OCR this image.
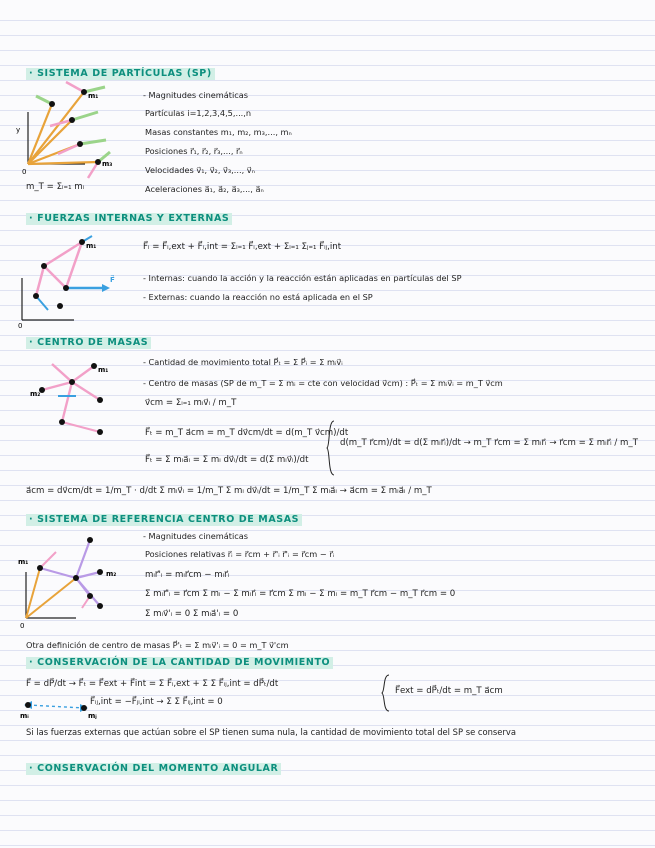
· SISTEMA DE PARTÍCULAS (SP)
m₁
m₃
0
y
m_T = Σᵢ₌₁ mᵢ
- Magnitudes cinemáticas
Partículas i=1,2,3,4,5,...,n
Masas constantes m₁, m₂, m₃,..., mₙ
Posiciones r⃗₁, r⃗₂, r⃗₃,..., r⃗ₙ
Velocidades v⃗₁, v⃗₂, v⃗₃,..., v⃗ₙ
Aceleraciones a⃗₁, a⃗₂, a⃗₃,..., a⃗ₙ
· FUERZAS INTERNAS Y EXTERNAS
m₁
F⃗
0
F⃗ᵢ = F⃗ᵢ,ext + F⃗ᵢ,int = Σᵢ₌₁ F⃗ᵢ,ext + Σᵢ₌₁ Σⱼ₌₁ F⃗ᵢⱼ,int
- Internas: cuando la acción y la reacción están aplicadas en partículas del SP
- Externas: cuando la reacción no está aplicada en el SP
· CENTRO DE MASAS
m₁
m₂
- Cantidad de movimiento total P⃗ₜ = Σ P⃗ᵢ = Σ mᵢv⃗ᵢ
- Centro de masas (SP de m_T = Σ mᵢ = cte con velocidad v⃗cm) : P⃗ₜ = Σ mᵢv⃗ᵢ = m_T v⃗cm
v⃗cm = Σᵢ₌₁ mᵢv⃗ᵢ / m_T
F⃗ₜ = m_T a⃗cm = m_T dv⃗cm/dt = d(m_T v⃗cm)/dt
F⃗ₜ = Σ mᵢa⃗ᵢ = Σ mᵢ dv⃗ᵢ/dt = d(Σ mᵢv⃗ᵢ)/dt
d(m_T r⃗cm)/dt = d(Σ mᵢr⃗ᵢ)/dt → m_T r⃗cm = Σ mᵢr⃗ᵢ → r⃗cm = Σ mᵢr⃗ᵢ / m_T
a⃗cm = dv⃗cm/dt = 1/m_T · d/dt Σ mᵢv⃗ᵢ = 1/m_T Σ mᵢ dv⃗ᵢ/dt = 1/m_T Σ mᵢa⃗ᵢ → a⃗cm = Σ mᵢa⃗ᵢ / m_T
· SISTEMA DE REFERENCIA CENTRO DE MASAS
m₂
m₁
0
- Magnitudes cinemáticas
Posiciones relativas r⃗ᵢ = r⃗cm + r⃗'ᵢ r⃗'ᵢ = r⃗cm − r⃗ᵢ
mᵢr⃗'ᵢ = mᵢr⃗cm − mᵢr⃗ᵢ
Σ mᵢr⃗'ᵢ = r⃗cm Σ mᵢ − Σ mᵢr⃗ᵢ = r⃗cm Σ mᵢ − Σ mᵢ = m_T r⃗cm − m_T r⃗cm = 0
Σ mᵢv⃗'ᵢ = 0 Σ mᵢa⃗'ᵢ = 0
Otra definición de centro de masas P⃗'ₜ = Σ mᵢv⃗'ᵢ = 0 = m_T v⃗'cm
· CONSERVACIÓN DE LA CANTIDAD DE MOVIMIENTO
F⃗ = dP⃗/dt → F⃗ₜ = F⃗ext + F⃗int = Σ F⃗ᵢ,ext + Σ Σ F⃗ᵢⱼ,int = dP⃗ₜ/dt
F⃗ᵢⱼ,int = −F⃗ⱼᵢ,int → Σ Σ F⃗ᵢⱼ,int = 0
F⃗ext = dP⃗ₜ/dt = m_T a⃗cm
mᵢ	mⱼ
Si las fuerzas externas que actúan sobre el SP tienen suma nula, la cantidad de movimiento total del SP se conserva
· CONSERVACIÓN DEL MOMENTO ANGULAR
